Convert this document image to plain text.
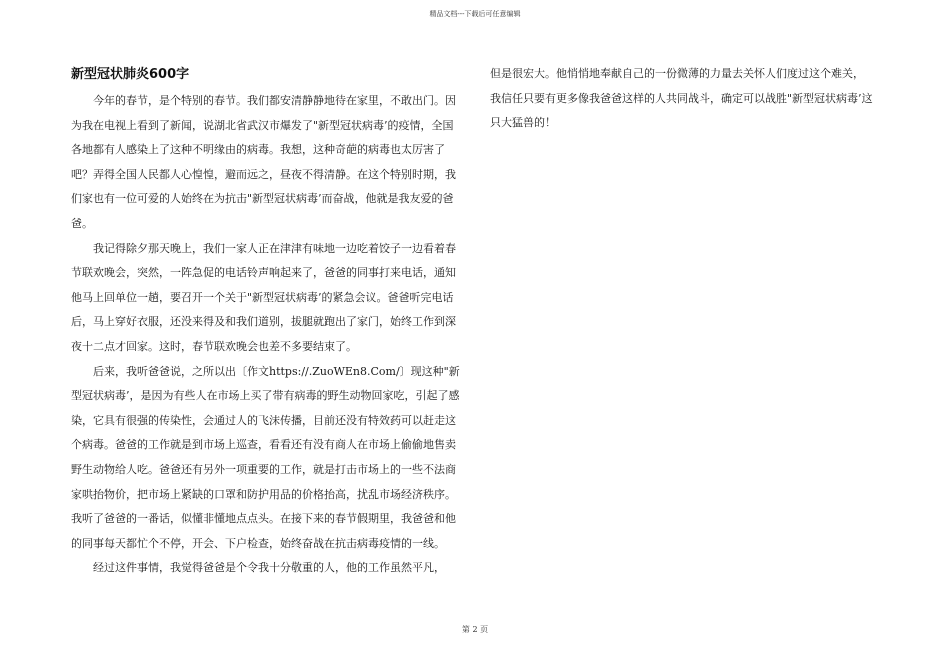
精品文档---下载后可任意编辑
新型冠状肺炎600字

今年的春节，是个特别的春节。我们都安清静静地待在家里，不敢出门。因为我在电视上看到了新闻，说湖北省武汉市爆发了"新型冠状病毒’的疫情，全国各地都有人感染上了这种不明缘由的病毒。我想，这种奇葩的病毒也太厉害了吧？弄得全国人民都人心惶惶，避而远之，昼夜不得清静。在这个特别时期，我们家也有一位可爱的人始终在为抗击"新型冠状病毒’而奋战，他就是我友爱的爸爸。

我记得除夕那天晚上，我们一家人正在津津有味地一边吃着饺子一边看着春节联欢晚会，突然，一阵急促的电话铃声响起来了，爸爸的同事打来电话，通知他马上回单位一趟，要召开一个关于"新型冠状病毒’的紧急会议。爸爸听完电话后，马上穿好衣服，还没来得及和我们道别，拔腿就跑出了家门，始终工作到深夜十二点才回家。这时，春节联欢晚会也差不多要结束了。

后来，我听爸爸说，之所以出〔作文https://.ZuoWEn8.Com/〕现这种"新型冠状病毒’，是因为有些人在市场上买了带有病毒的野生动物回家吃，引起了感染，它具有很强的传染性，会通过人的飞沫传播，目前还没有特效药可以赶走这个病毒。爸爸的工作就是到市场上巡查，看看还有没有商人在市场上偷偷地售卖野生动物给人吃。爸爸还有另外一项重要的工作，就是打击市场上的一些不法商家哄抬物价，把市场上紧缺的口罩和防护用品的价格抬高，扰乱市场经济秩序。我听了爸爸的一番话，似懂非懂地点点头。在接下来的春节假期里，我爸爸和他的同事每天都忙个不停，开会、下户检查，始终奋战在抗击病毒疫情的一线。

经过这件事情，我觉得爸爸是个令我十分敬重的人，他的工作虽然平凡，

但是很宏大。他悄悄地奉献自己的一份微薄的力量去关怀人们度过这个难关，我信任只要有更多像我爸爸这样的人共同战斗，确定可以战胜"新型冠状病毒’这只大猛兽的！

第 2 页
